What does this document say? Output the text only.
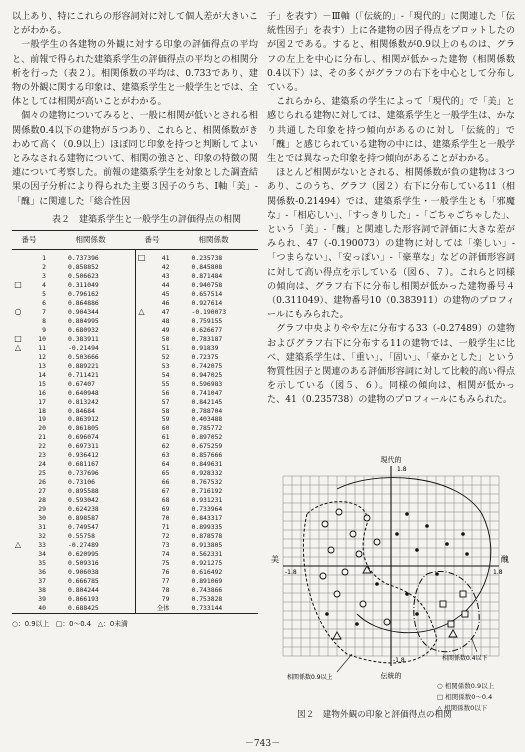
以上あり、特にこれらの形容詞対に対して個人差が大きいことがわかる。

一般学生の各建物の外観に対する印象の評価得点の平均と、前報で得られた建築系学生の評価得点の平均との相関分析を行った（表２）。相関係数の平均は、0.733であり、建物の外観に関する印象は、建築系学生と一般学生とでは、全体としては相関が高いことがわかる。

個々の建物についてみると、一般に相関が低いとされる相関係数0.4以下の建物が５つあり、これらと、相関係数がきわめて高く（0.9以上）ほぼ同じ印象を持つと判断してよいとみなされる建物について、相関の強さと、印象の特徴の関連について考察した。前報の建築系学生を対象とした調査結果の因子分析により得られた主要３因子のうち、Ⅰ軸「美」-「醜」に関連した「総合性因

表２　建築系学生と一般学生の評価得点の相関
番号	相関係数	番号	相関係数
1	0.737396
2	0.858852
3	0.506623
□	4	0.311049
5	0.796162
6	0.864886
○	7	0.904344
8	0.804995
9	0.680932
□	10	0.383911
△	11	-0.21494
12	0.503666
13	0.889221
14	0.711421
15	0.67407
16	0.640948
17	0.813242
18	0.84684
19	0.863912
20	0.861805
21	0.696074
22	0.697311
23	0.936412
24	0.681167
25	0.737696
26	0.73106
27	0.895588
28	0.593042
29	0.624238
30	0.898587
31	0.749547
32	0.55758
△	33	-0.27489
34	0.620995
35	0.509316
36	0.906038
37	0.666785
38	0.804244
39	0.866193
40	0.688425
□	41	0.235738
42	0.845808
43	0.871484
44	0.940758
45	0.657514
46	0.927614
△	47	-0.190073
48	0.759155
49	0.626677
50	0.783187
51	0.91839
52	0.72375
53	0.742075
54	0.947025
55	0.596983
56	0.741047
57	0.842145
58	0.788704
59	0.403488
60	0.785772
61	0.897052
62	0.675259
63	0.857666
64	0.849631
65	0.928332
66	0.767532
67	0.716192
68	0.931231
69	0.733964
70	0.843317
71	0.899335
72	0.878578
73	0.913805
74	0.562331
75	0.921275
76	0.616492
77	0.891069
78	0.743866
79	0.753828
全体	0.733144
○：0.9以上　□：0～0.4　△：0未満

子」を表す）－Ⅲ軸（「伝統的」-「現代的」に関連した「伝統性因子」を表す）上に各建物の因子得点をプロットしたのが図２である。すると、相関係数が0.9以上のものは、グラフの左上を中心に分布し、相関が低かった建物（相関係数0.4以下）は、その多くがグラフの右下を中心として分布している。

これらから、建築系の学生によって「現代的」で「美」と感じられる建物に対しては、建築系学生と一般学生は、かなり共通した印象を持つ傾向があるのに対し「伝統的」で「醜」と感じられている建物の中には、建築系学生と一般学生とでは異なった印象を持つ傾向があることがわかる。

ほとんど相関がないとされる、相関係数が負の建物は３つあり、このうち、グラフ（図２）右下に分布している11（相関係数-0.21494）では、建築系学生・一般学生とも「邪魔な」-「相応しい」、「すっきりした」-「ごちゃごちゃした」、という「美」-「醜」と関連した形容詞で評価に大きな差がみられ、47（-0.190073）の建物に対しては「楽しい」-「つまらない」、「安っぽい」-「豪華な」などの評価形容詞に対して高い得点を示している（図６、７）。これらと同様の傾向は、グラフ右下に分布し相関が低かった建物番号４（0.311049）、建物番号10（0.383911）の建物のプロフィールにもみられた。

グラフ中央よりやや左に分布する33（-0.27489）の建物およびグラフ右下に分布する11の建物では、一般学生に比べ、建築系学生は、「重い」、「固い」、「豪かとした」という物質性因子と関連のある評価形容詞に対して比較的高い得点を示している（図５、６）。同様の傾向は、相関が低かった、41（0.235738）の建物のプロフィールにもみられた。

現代的
1.8
伝統的
-1.8
美
-1.8
醜
1.8
相関係数0.9以上
相関係数0.4以下
○ 相関係数0.9以上
□ 相関係数0～0.4
△ 相関係数0以下
図２　建物外観の印象と評価得点の相関
－743－
